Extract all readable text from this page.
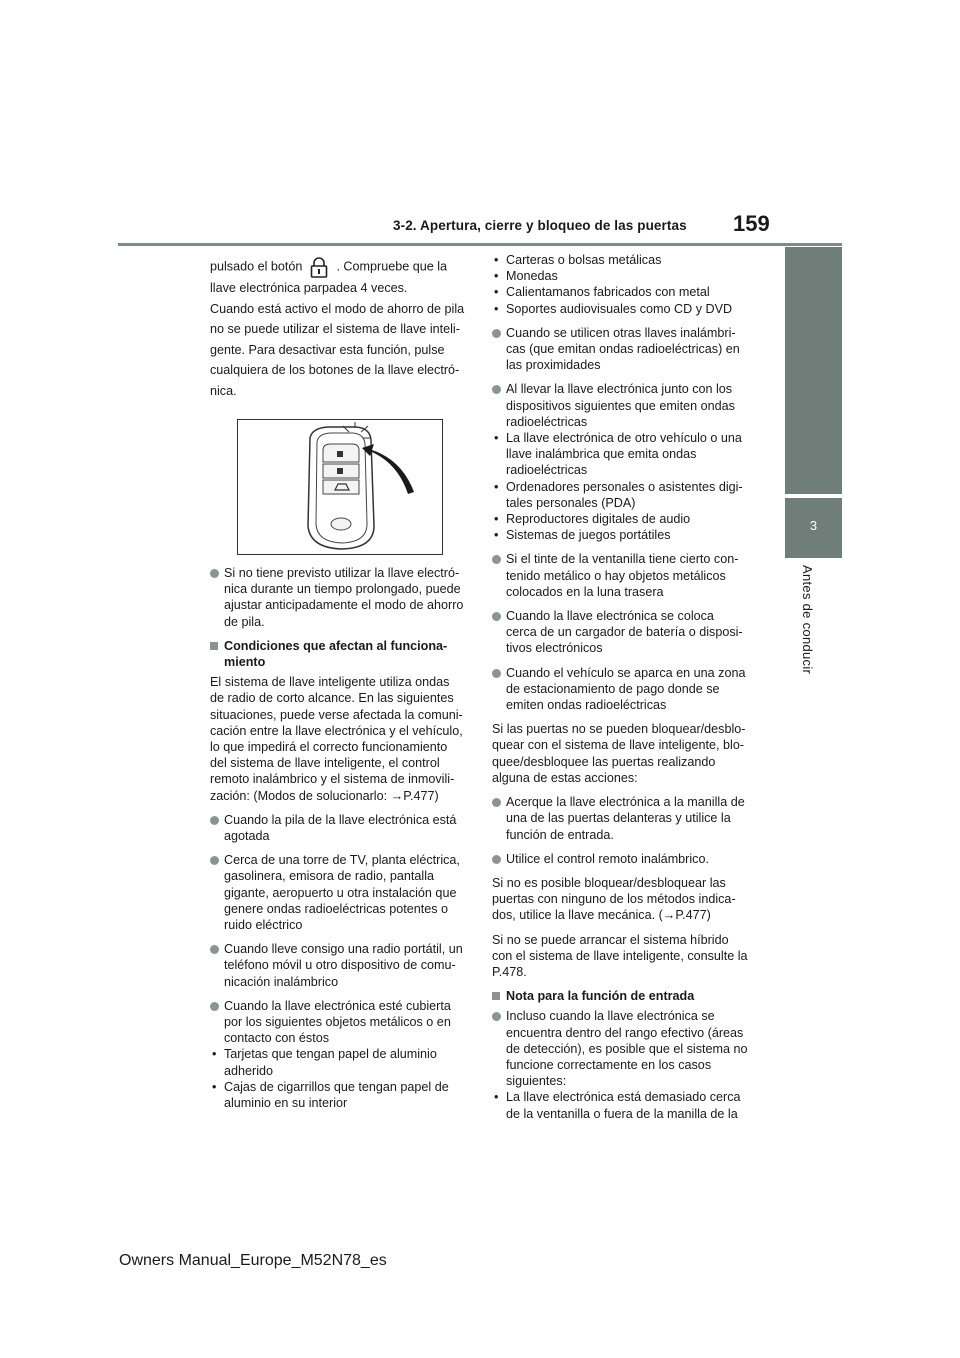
3-2. Apertura, cierre y bloqueo de las puertas 159
3
Antes de conducir

pulsado el botón	. Compruebe que la

llave electrónica parpadea 4 veces.

Cuando está activo el modo de ahorro de pila

no se puede utilizar el sistema de llave inteli-

gente. Para desactivar esta función, pulse

cualquiera de los botones de la llave electró-

nica.

Si no tiene previsto utilizar la llave electró-nica durante un tiempo prolongado, puede ajustar anticipadamente el modo de ahorro de pila.
Condiciones que afectan al funciona-miento

El sistema de llave inteligente utiliza ondas de radio de corto alcance. En las siguientes situaciones, puede verse afectada la comuni-cación entre la llave electrónica y el vehículo, lo que impedirá el correcto funcionamiento del sistema de llave inteligente, el control remoto inalámbrico y el sistema de inmovili-zación: (Modos de solucionarlo: →P.477)

Cuando la pila de la llave electrónica está agotada
Cerca de una torre de TV, planta eléctrica, gasolinera, emisora de radio, pantalla gigante, aeropuerto u otra instalación que genere ondas radioeléctricas potentes o ruido eléctrico
Cuando lleve consigo una radio portátil, un teléfono móvil u otro dispositivo de comu-nicación inalámbrico
Cuando la llave electrónica esté cubierta por los siguientes objetos metálicos o en contacto con éstos
• Tarjetas que tengan papel de aluminio adherido
• Cajas de cigarrillos que tengan papel de aluminio en su interior
• Carteras o bolsas metálicas
• Monedas
• Calientamanos fabricados con metal
• Soportes audiovisuales como CD y DVD
Cuando se utilicen otras llaves inalámbri-cas (que emitan ondas radioeléctricas) en las proximidades
Al llevar la llave electrónica junto con los dispositivos siguientes que emiten ondas radioeléctricas
• La llave electrónica de otro vehículo o una llave inalámbrica que emita ondas radioeléctricas
• Ordenadores personales o asistentes digi-tales personales (PDA)
• Reproductores digitales de audio
• Sistemas de juegos portátiles
Si el tinte de la ventanilla tiene cierto con-tenido metálico o hay objetos metálicos colocados en la luna trasera
Cuando la llave electrónica se coloca cerca de un cargador de batería o disposi-tivos electrónicos
Cuando el vehículo se aparca en una zona de estacionamiento de pago donde se emiten ondas radioeléctricas

Si las puertas no se pueden bloquear/desblo-quear con el sistema de llave inteligente, blo-quee/desbloquee las puertas realizando alguna de estas acciones:

Acerque la llave electrónica a la manilla de una de las puertas delanteras y utilice la función de entrada.
Utilice el control remoto inalámbrico.

Si no es posible bloquear/desbloquear las puertas con ninguno de los métodos indica-dos, utilice la llave mecánica. (→P.477)

Si no se puede arrancar el sistema híbrido con el sistema de llave inteligente, consulte la P.478.

Nota para la función de entrada
Incluso cuando la llave electrónica se encuentra dentro del rango efectivo (áreas de detección), es posible que el sistema no funcione correctamente en los casos siguientes:
• La llave electrónica está demasiado cerca de la ventanilla o fuera de la manilla de la
Owners Manual_Europe_M52N78_es
